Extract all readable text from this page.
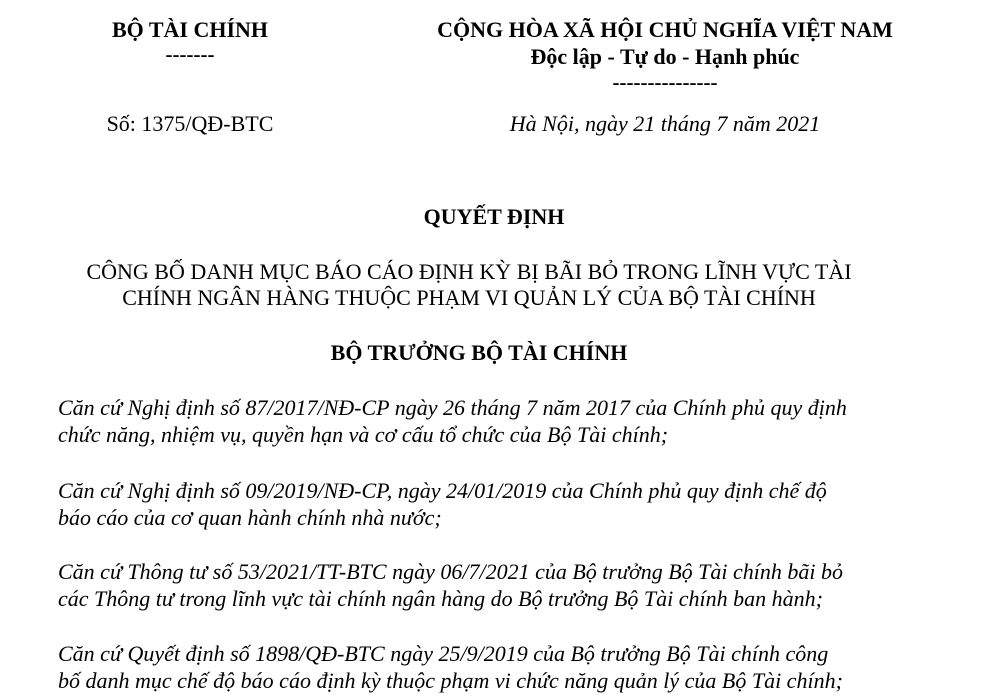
BỘ TÀI CHÍNH
-------
CỘNG HÒA XÃ HỘI CHỦ NGHĨA VIỆT NAM
Độc lập - Tự do - Hạnh phúc
---------------
Số: 1375/QĐ-BTC	Hà Nội, ngày 21 tháng 7 năm 2021
QUYẾT ĐỊNH
CÔNG BỐ DANH MỤC BÁO CÁO ĐỊNH KỲ BỊ BÃI BỎ TRONG LĨNH VỰC TÀI
CHÍNH NGÂN HÀNG THUỘC PHẠM VI QUẢN LÝ CỦA BỘ TÀI CHÍNH
BỘ TRƯỞNG BỘ TÀI CHÍNH
Căn cứ Nghị định số 87/2017/NĐ-CP ngày 26 tháng 7 năm 2017 của Chính phủ quy định
chức năng, nhiệm vụ, quyền hạn và cơ cấu tổ chức của Bộ Tài chính;
Căn cứ Nghị định số 09/2019/NĐ-CP, ngày 24/01/2019 của Chính phủ quy định chế độ
báo cáo của cơ quan hành chính nhà nước;
Căn cứ Thông tư số 53/2021/TT-BTC ngày 06/7/2021 của Bộ trưởng Bộ Tài chính bãi bỏ
các Thông tư trong lĩnh vực tài chính ngân hàng do Bộ trưởng Bộ Tài chính ban hành;
Căn cứ Quyết định số 1898/QĐ-BTC ngày 25/9/2019 của Bộ trưởng Bộ Tài chính công
bố danh mục chế độ báo cáo định kỳ thuộc phạm vi chức năng quản lý của Bộ Tài chính;
